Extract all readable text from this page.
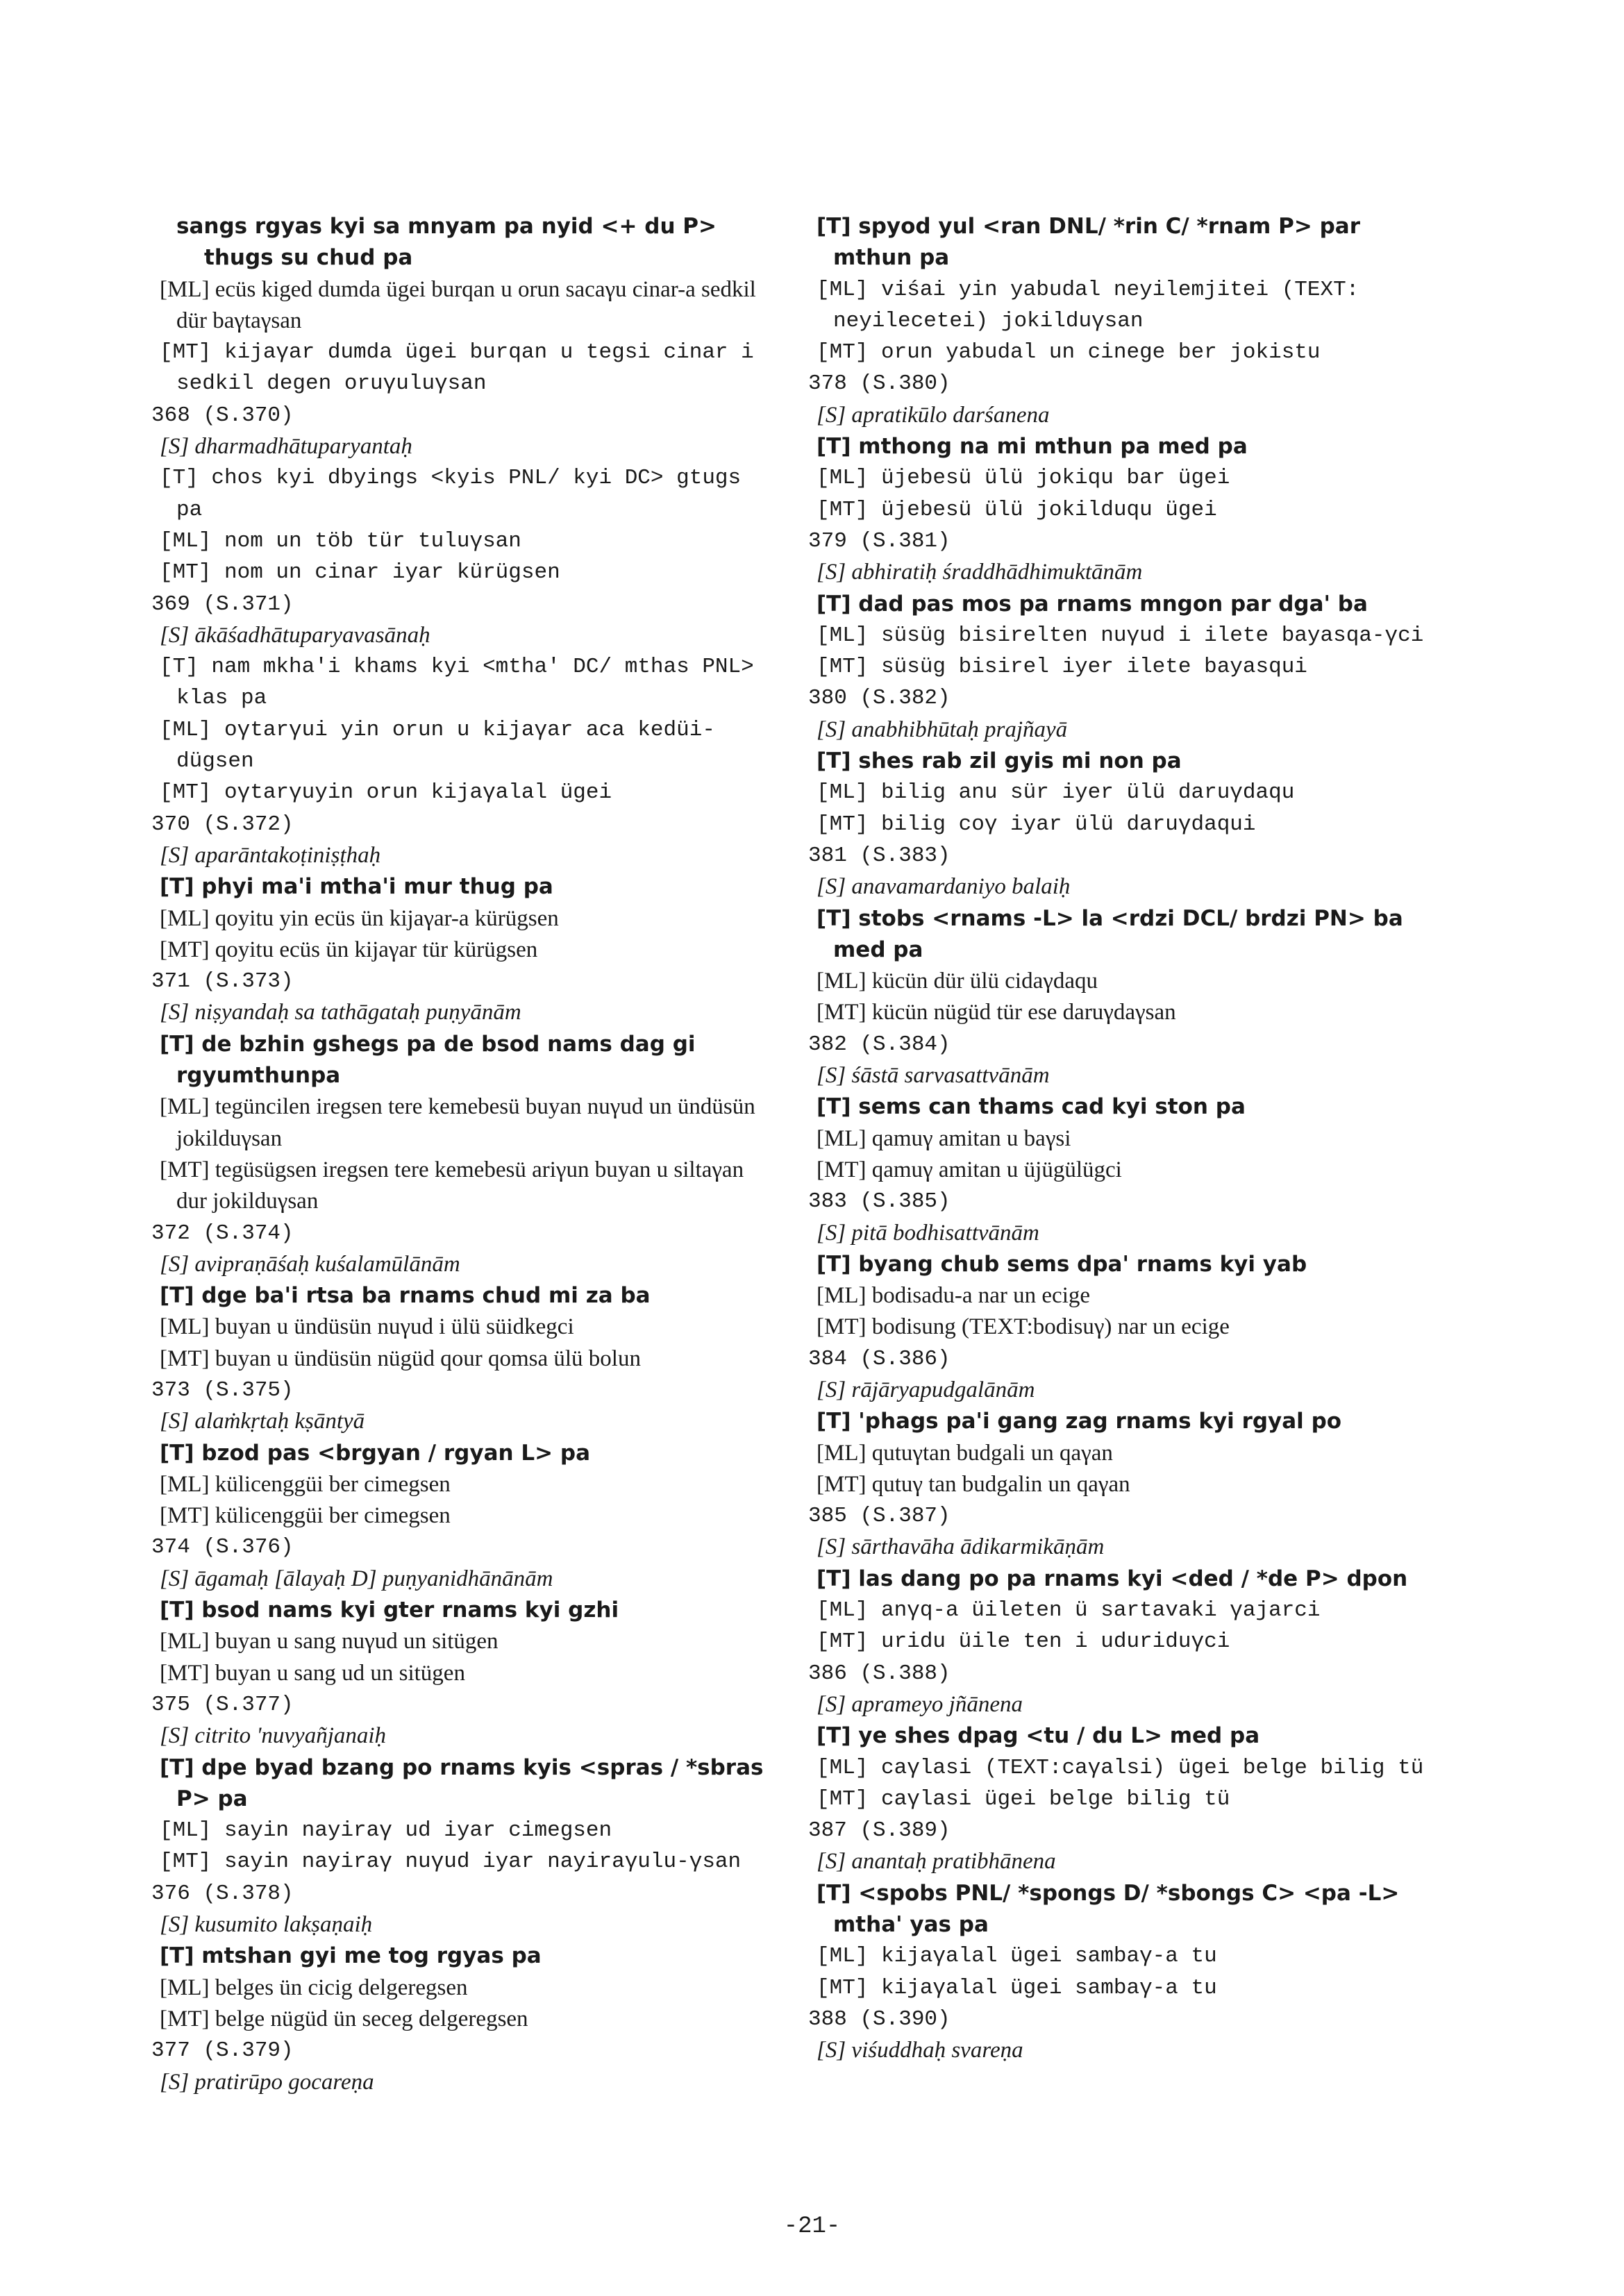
sangs rgyas kyi sa mnyam pa nyid <+ du P> thugs su chud pa

[ML] ecüs kiged dumda ügei burqan u orun sacaγu cinar-a sedkil dür baγtaγsan

[MT] kijaγar dumda ügei burqan u tegsi cinar i sedkil degen oruγuluγsan

368 (S.370)

[S] dharmadhātuparyantaḥ

[T] chos kyi dbyings <kyis PNL/ kyi DC> gtugs pa

[ML] nom un töb tür tuluγsan

[MT] nom un cinar iyar kürügsen

369 (S.371)

[S] ākāśadhātuparyavasānaḥ

[T] nam mkha'i khams kyi <mtha' DC/ mthas PNL> klas pa

[ML] oγtarγui yin orun u kijaγar aca kedüi-dügsen

[MT] oγtarγuyin orun kijaγalal ügei

370 (S.372)

[S] aparāntakoṭiniṣṭhaḥ

[T] phyi ma'i mtha'i mur thug pa

[ML] qoyitu yin ecüs ün kijaγar-a kürügsen

[MT] qoyitu ecüs ün kijaγar tür kürügsen

371 (S.373)

[S] niṣyandaḥ sa tathāgataḥ puṇyānām

[T] de bzhin gshegs pa de bsod nams dag gi rgyumthunpa

[ML] tegüncilen iregsen tere kemebesü buyan nuγud un ündüsün jokilduγsan

[MT] tegüsügsen iregsen tere kemebesü ariγun buyan u siltaγan dur jokilduγsan

372 (S.374)

[S] avipraṇāśaḥ kuśalamūlānām

[T] dge ba'i rtsa ba rnams chud mi za ba

[ML] buyan u ündüsün nuγud i ülü süidkegci

[MT] buyan u ündüsün nügüd qour qomsa ülü bolun

373 (S.375)

[S] alaṁkṛtaḥ kṣāntyā

[T] bzod pas <brgyan / rgyan L> pa

[ML] külicenggüi ber cimegsen

[MT] külicenggüi ber cimegsen

374 (S.376)

[S] āgamaḥ [ālayaḥ D] puṇyanidhānānām

[T] bsod nams kyi gter rnams kyi gzhi

[ML] buyan u sang nuγud un sitügen

[MT] buyan u sang ud un sitügen

375 (S.377)

[S] citrito 'nuvyañjanaiḥ

[T] dpe byad bzang po rnams kyis <spras / *sbras P> pa

[ML] sayin nayiraγ ud iyar cimegsen

[MT] sayin nayiraγ nuγud iyar nayiraγulu-γsan

376 (S.378)

[S] kusumito lakṣaṇaiḥ

[T] mtshan gyi me tog rgyas pa

[ML] belges ün cicig delgeregsen

[MT] belge nügüd ün seceg delgeregsen

377 (S.379)

[S] pratirūpo gocareṇa

[T] spyod yul <ran DNL/ *rin C/ *rnam P> par mthun pa

[ML] viśai yin yabudal neyilemjitei (TEXT: neyilecetei) jokilduγsan

[MT] orun yabudal un cinege ber jokistu

378 (S.380)

[S] apratikūlo darśanena

[T] mthong na mi mthun pa med pa

[ML] üjebesü ülü jokiqu bar ügei

[MT] üjebesü ülü jokilduqu ügei

379 (S.381)

[S] abhiratiḥ śraddhādhimuktānām

[T] dad pas mos pa rnams mngon par dga' ba

[ML] süsüg bisirelten nuγud i ilete bayasqa-γci

[MT] süsüg bisirel iyer ilete bayasqui

380 (S.382)

[S] anabhibhūtaḥ prajñayā

[T] shes rab zil gyis mi non pa

[ML] bilig anu sür iyer ülü daruγdaqu

[MT] bilig coγ iyar ülü daruγdaqui

381 (S.383)

[S] anavamardaniyo balaiḥ

[T] stobs <rnams -L> la <rdzi DCL/ brdzi PN> ba med pa

[ML] kücün dür ülü cidaγdaqu

[MT] kücün nügüd tür ese daruγdaγsan

382 (S.384)

[S] śāstā sarvasattvānām

[T] sems can thams cad kyi ston pa

[ML] qamuγ amitan u baγsi

[MT] qamuγ amitan u üjügülügci

383 (S.385)

[S] pitā bodhisattvānām

[T] byang chub sems dpa' rnams kyi yab

[ML] bodisadu-a nar un ecige

[MT] bodisung (TEXT:bodisuγ) nar un ecige

384 (S.386)

[S] rājāryapudgalānām

[T] 'phags pa'i gang zag rnams kyi rgyal po

[ML] qutuγtan budgali un qaγan

[MT] qutuγ tan budgalin un qaγan

385 (S.387)

[S] sārthavāha ādikarmikāṇām

[T] las dang po pa rnams kyi <ded / *de P> dpon

[ML] anγq-a üileten ü sartavaki γajarci

[MT] uridu üile ten i uduriduγci

386 (S.388)

[S] aprameyo jñānena

[T] ye shes dpag <tu / du L> med pa

[ML] caγlasi (TEXT:caγalsi) ügei belge bilig tü

[MT] caγlasi ügei belge bilig tü

387 (S.389)

[S] anantaḥ pratibhānena

[T] <spobs PNL/ *spongs D/ *sbongs C> <pa -L> mtha' yas pa

[ML] kijaγalal ügei sambaγ-a tu

[MT] kijaγalal ügei sambaγ-a tu

388 (S.390)

[S] viśuddhaḥ svareṇa

-21-
